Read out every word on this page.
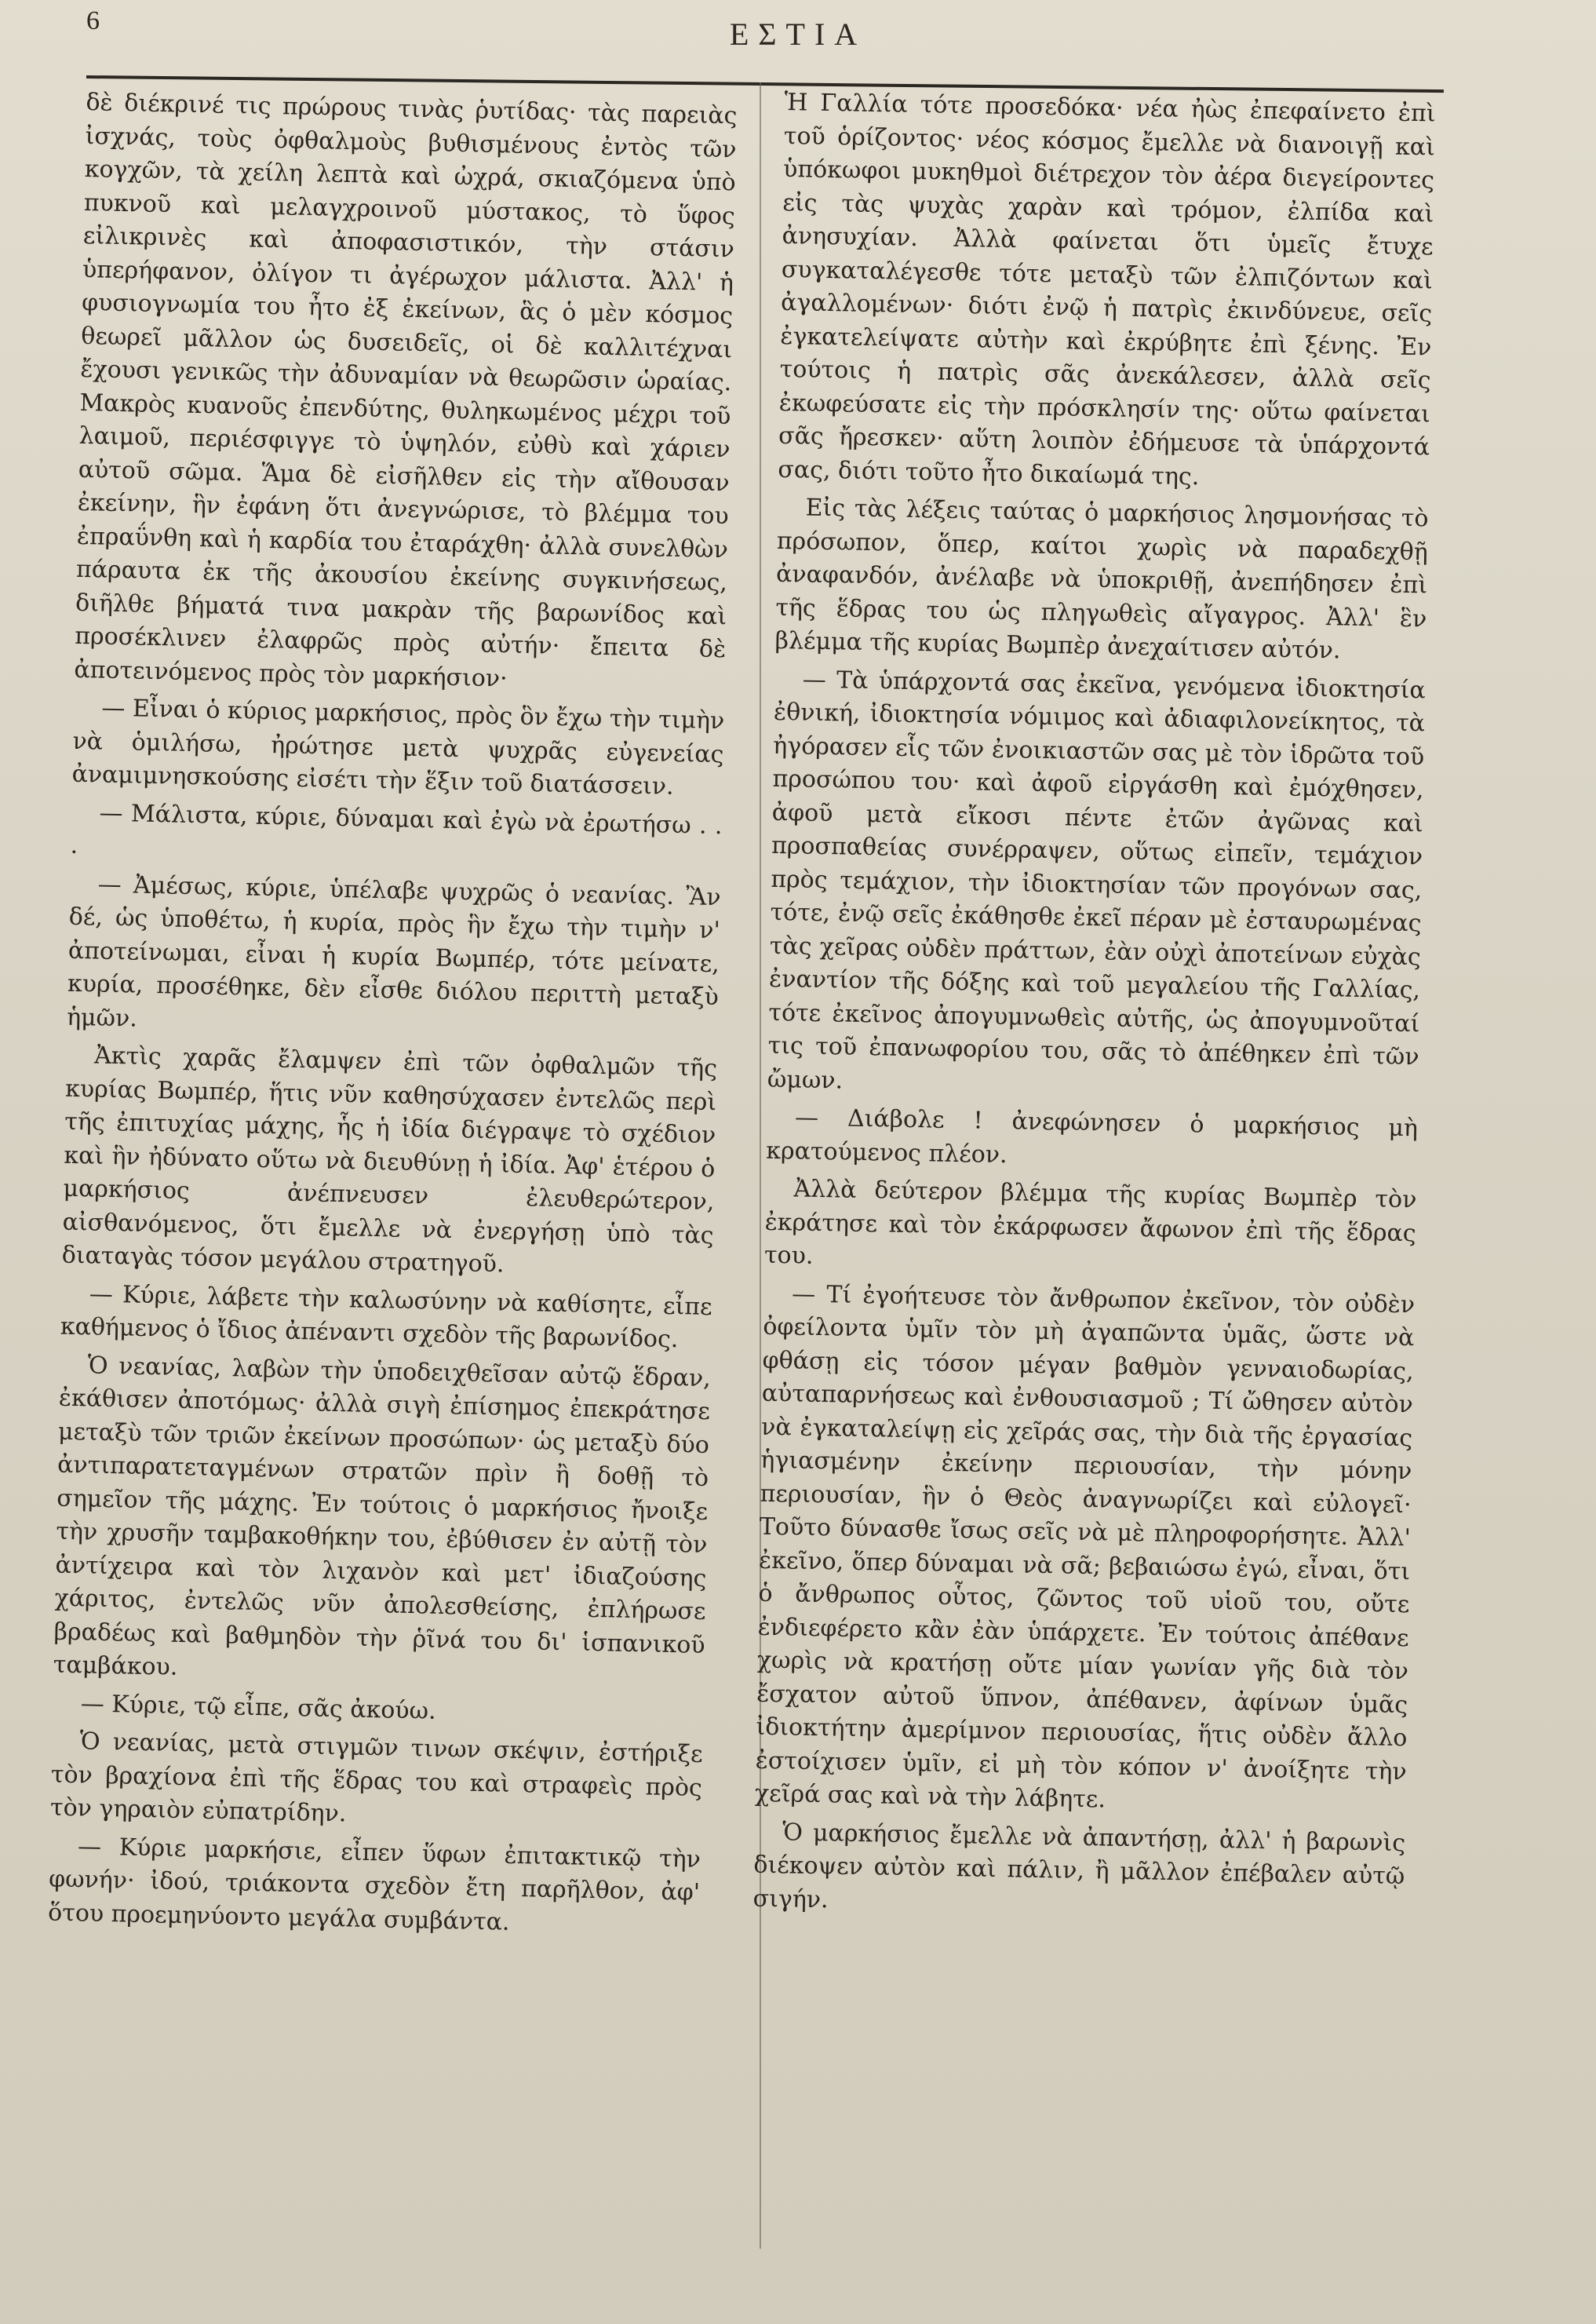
6	ΕΣΤΙΑ

δὲ διέκρινέ τις πρώρους τινὰς ῥυτίδας· τὰς παρειὰς ἰσχνάς, τοὺς ὀφθαλμοὺς βυθισμένους ἐντὸς τῶν κογχῶν, τὰ χείλη λεπτὰ καὶ ὠχρά, σκιαζόμενα ὑπὸ πυκνοῦ καὶ μελαγχροινοῦ μύστακος, τὸ ὕφος εἰλικρινὲς καὶ ἀποφασιστικόν, τὴν στάσιν ὑπερήφανον, ὀλίγον τι ἀγέρωχον μάλιστα. Ἀλλ' ἡ φυσιογνωμία του ἦτο ἐξ ἐκείνων, ἃς ὁ μὲν κόσμος θεωρεῖ μᾶλλον ὡς δυσειδεῖς, οἱ δὲ καλλιτέχναι ἔχουσι γενικῶς τὴν ἀδυναμίαν νὰ θεωρῶσιν ὡραίας. Μακρὸς κυανοῦς ἐπενδύτης, θυληκωμένος μέχρι τοῦ λαιμοῦ, περιέσφιγγε τὸ ὑψηλόν, εὐθὺ καὶ χάριεν αὐτοῦ σῶμα. Ἅμα δὲ εἰσῆλθεν εἰς τὴν αἴθουσαν ἐκείνην, ἣν ἐφάνη ὅτι ἀνεγνώρισε, τὸ βλέμμα του ἐπραΰνθη καὶ ἡ καρδία του ἐταράχθη· ἀλλὰ συνελθὼν πάραυτα ἐκ τῆς ἀκουσίου ἐκείνης συγκινήσεως, διῆλθε βήματά τινα μακρὰν τῆς βαρωνίδος καὶ προσέκλινεν ἐλαφρῶς πρὸς αὐτήν· ἔπειτα δὲ ἀποτεινόμενος πρὸς τὸν μαρκήσιον·

— Εἶναι ὁ κύριος μαρκήσιος, πρὸς ὃν ἔχω τὴν τιμὴν νὰ ὁμιλήσω, ἠρώτησε μετὰ ψυχρᾶς εὐγενείας ἀναμιμνησκούσης εἰσέτι τὴν ἕξιν τοῦ διατάσσειν.

— Μάλιστα, κύριε, δύναμαι καὶ ἐγὼ νὰ ἐρωτήσω . . .

— Ἀμέσως, κύριε, ὑπέλαβε ψυχρῶς ὁ νεανίας. Ἂν δέ, ὡς ὑποθέτω, ἡ κυρία, πρὸς ἣν ἔχω τὴν τιμὴν ν' ἀποτείνωμαι, εἶναι ἡ κυρία Βωμπέρ, τότε μείνατε, κυρία, προσέθηκε, δὲν εἶσθε διόλου περιττὴ μεταξὺ ἡμῶν.

Ἀκτὶς χαρᾶς ἔλαμψεν ἐπὶ τῶν ὀφθαλμῶν τῆς κυρίας Βωμπέρ, ἥτις νῦν καθησύχασεν ἐντελῶς περὶ τῆς ἐπιτυχίας μάχης, ἧς ἡ ἰδία διέγραψε τὸ σχέδιον καὶ ἣν ἠδύνατο οὕτω νὰ διευθύνῃ ἡ ἰδία. Ἀφ' ἑτέρου ὁ μαρκήσιος ἀνέπνευσεν ἐλευθερώτερον, αἰσθανόμενος, ὅτι ἔμελλε νὰ ἐνεργήσῃ ὑπὸ τὰς διαταγὰς τόσον μεγάλου στρατηγοῦ.

— Κύριε, λάβετε τὴν καλωσύνην νὰ καθίσητε, εἶπε καθήμενος ὁ ἴδιος ἀπέναντι σχεδὸν τῆς βαρωνίδος.

Ὁ νεανίας, λαβὼν τὴν ὑποδειχθεῖσαν αὐτῷ ἕδραν, ἐκάθισεν ἀποτόμως· ἀλλὰ σιγὴ ἐπίσημος ἐπεκράτησε μεταξὺ τῶν τριῶν ἐκείνων προσώπων· ὡς μεταξὺ δύο ἀντιπαρατεταγμένων στρατῶν πρὶν ἢ δοθῇ τὸ σημεῖον τῆς μάχης. Ἐν τούτοις ὁ μαρκήσιος ἤνοιξε τὴν χρυσῆν ταμβακοθήκην του, ἐβύθισεν ἐν αὐτῇ τὸν ἀντίχειρα καὶ τὸν λιχανὸν καὶ μετ' ἰδιαζούσης χάριτος, ἐντελῶς νῦν ἀπολεσθείσης, ἐπλήρωσε βραδέως καὶ βαθμηδὸν τὴν ῥῖνά του δι' ἱσπανικοῦ ταμβάκου.

— Κύριε, τῷ εἶπε, σᾶς ἀκούω.

Ὁ νεανίας, μετὰ στιγμῶν τινων σκέψιν, ἐστήριξε τὸν βραχίονα ἐπὶ τῆς ἕδρας του καὶ στραφεὶς πρὸς τὸν γηραιὸν εὐπατρίδην.

— Κύριε μαρκήσιε, εἶπεν ὕφων ἐπιτακτικῷ τὴν φωνήν· ἰδού, τριάκοντα σχεδὸν ἔτη παρῆλθον, ἀφ' ὅτου προεμηνύοντο μεγάλα συμβάντα.

Ἡ Γαλλία τότε προσεδόκα· νέα ἠὼς ἐπεφαίνετο ἐπὶ τοῦ ὁρίζοντος· νέος κόσμος ἔμελλε νὰ διανοιγῇ καὶ ὑπόκωφοι μυκηθμοὶ διέτρεχον τὸν ἀέρα διεγείροντες εἰς τὰς ψυχὰς χαρὰν καὶ τρόμον, ἐλπίδα καὶ ἀνησυχίαν. Ἀλλὰ φαίνεται ὅτι ὑμεῖς ἔτυχε συγκαταλέγεσθε τότε μεταξὺ τῶν ἐλπιζόντων καὶ ἀγαλλομένων· διότι ἐνῷ ἡ πατρὶς ἐκινδύνευε, σεῖς ἐγκατελείψατε αὐτὴν καὶ ἐκρύβητε ἐπὶ ξένης. Ἐν τούτοις ἡ πατρὶς σᾶς ἀνεκάλεσεν, ἀλλὰ σεῖς ἐκωφεύσατε εἰς τὴν πρόσκλησίν της· οὕτω φαίνεται σᾶς ἤρεσκεν· αὕτη λοιπὸν ἐδήμευσε τὰ ὑπάρχοντά σας, διότι τοῦτο ἦτο δικαίωμά της.

Εἰς τὰς λέξεις ταύτας ὁ μαρκήσιος λησμονήσας τὸ πρόσωπον, ὅπερ, καίτοι χωρὶς νὰ παραδεχθῇ ἀναφανδόν, ἀνέλαβε νὰ ὑποκριθῇ, ἀνεπήδησεν ἐπὶ τῆς ἕδρας του ὡς πληγωθεὶς αἴγαγρος. Ἀλλ' ἓν βλέμμα τῆς κυρίας Βωμπὲρ ἀνεχαίτισεν αὐτόν.

— Τὰ ὑπάρχοντά σας ἐκεῖνα, γενόμενα ἰδιοκτησία ἐθνική, ἰδιοκτησία νόμιμος καὶ ἀδιαφιλονείκητος, τὰ ἠγόρασεν εἷς τῶν ἐνοικιαστῶν σας μὲ τὸν ἱδρῶτα τοῦ προσώπου του· καὶ ἀφοῦ εἰργάσθη καὶ ἐμόχθησεν, ἀφοῦ μετὰ εἴκοσι πέντε ἐτῶν ἀγῶνας καὶ προσπαθείας συνέρραψεν, οὕτως εἰπεῖν, τεμάχιον πρὸς τεμάχιον, τὴν ἰδιοκτησίαν τῶν προγόνων σας, τότε, ἐνῷ σεῖς ἐκάθησθε ἐκεῖ πέραν μὲ ἐσταυρωμένας τὰς χεῖρας οὐδὲν πράττων, ἐὰν οὐχὶ ἀποτείνων εὐχὰς ἐναντίον τῆς δόξης καὶ τοῦ μεγαλείου τῆς Γαλλίας, τότε ἐκεῖνος ἀπογυμνωθεὶς αὐτῆς, ὡς ἀπογυμνοῦταί τις τοῦ ἐπανωφορίου του, σᾶς τὸ ἀπέθηκεν ἐπὶ τῶν ὤμων.

— Διάβολε ! ἀνεφώνησεν ὁ μαρκήσιος μὴ κρατούμενος πλέον.

Ἀλλὰ δεύτερον βλέμμα τῆς κυρίας Βωμπὲρ τὸν ἐκράτησε καὶ τὸν ἐκάρφωσεν ἄφωνον ἐπὶ τῆς ἕδρας του.

— Τί ἐγοήτευσε τὸν ἄνθρωπον ἐκεῖνον, τὸν οὐδὲν ὀφείλοντα ὑμῖν τὸν μὴ ἀγαπῶντα ὑμᾶς, ὥστε νὰ φθάσῃ εἰς τόσον μέγαν βαθμὸν γενναιοδωρίας, αὐταπαρνήσεως καὶ ἐνθουσιασμοῦ ; Τί ὤθησεν αὐτὸν νὰ ἐγκαταλείψῃ εἰς χεῖράς σας, τὴν διὰ τῆς ἐργασίας ἡγιασμένην ἐκείνην περιουσίαν, τὴν μόνην περιουσίαν, ἣν ὁ Θεὸς ἀναγνωρίζει καὶ εὐλογεῖ· Τοῦτο δύνασθε ἴσως σεῖς νὰ μὲ πληροφορήσητε. Ἀλλ' ἐκεῖνο, ὅπερ δύναμαι νὰ σᾶ; βεβαιώσω ἐγώ, εἶναι, ὅτι ὁ ἄνθρωπος οὗτος, ζῶντος τοῦ υἱοῦ του, οὔτε ἐνδιεφέρετο κἂν ἐὰν ὑπάρχετε. Ἐν τούτοις ἀπέθανε χωρὶς νὰ κρατήσῃ οὔτε μίαν γωνίαν γῆς διὰ τὸν ἔσχατον αὐτοῦ ὕπνον, ἀπέθανεν, ἀφίνων ὑμᾶς ἰδιοκτήτην ἀμερίμνον περιουσίας, ἥτις οὐδὲν ἄλλο ἐστοίχισεν ὑμῖν, εἰ μὴ τὸν κόπον ν' ἀνοίξητε τὴν χεῖρά σας καὶ νὰ τὴν λάβητε.

Ὁ μαρκήσιος ἔμελλε νὰ ἀπαντήσῃ, ἀλλ' ἡ βαρωνὶς διέκοψεν αὐτὸν καὶ πάλιν, ἢ μᾶλλον ἐπέβαλεν αὐτῷ σιγήν.
